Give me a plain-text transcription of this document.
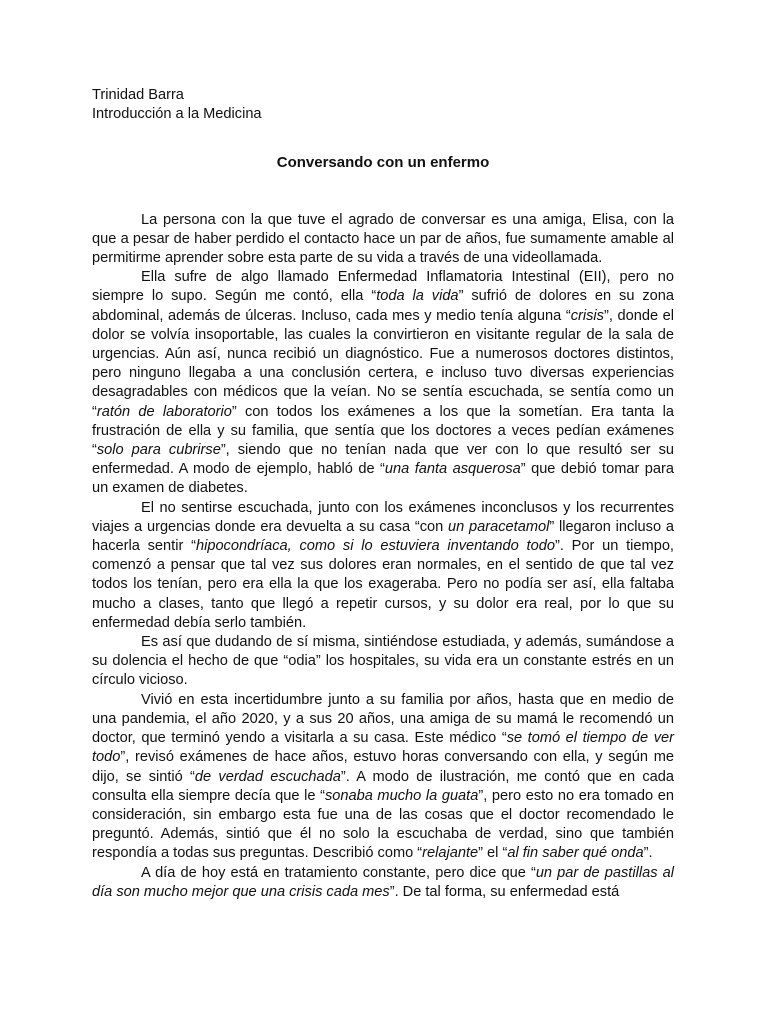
Trinidad Barra
Introducción a la Medicina
Conversando con un enfermo

La persona con la que tuve el agrado de conversar es una amiga, Elisa, con la que a pesar de haber perdido el contacto hace un par de años, fue sumamente amable al permitirme aprender sobre esta parte de su vida a través de una videollamada.

Ella sufre de algo llamado Enfermedad Inflamatoria Intestinal (EII), pero no siempre lo supo. Según me contó, ella “toda la vida” sufrió de dolores en su zona abdominal, además de úlceras. Incluso, cada mes y medio tenía alguna “crisis”, donde el dolor se volvía insoportable, las cuales la convirtieron en visitante regular de la sala de urgencias. Aún así, nunca recibió un diagnóstico. Fue a numerosos doctores distintos, pero ninguno llegaba a una conclusión certera, e incluso tuvo diversas experiencias desagradables con médicos que la veían. No se sentía escuchada, se sentía como un “ratón de laboratorio” con todos los exámenes a los que la sometían. Era tanta la frustración de ella y su familia, que sentía que los doctores a veces pedían exámenes “solo para cubrirse”, siendo que no tenían nada que ver con lo que resultó ser su enfermedad. A modo de ejemplo, habló de “una fanta asquerosa” que debió tomar para un examen de diabetes.

El no sentirse escuchada, junto con los exámenes inconclusos y los recurrentes viajes a urgencias donde era devuelta a su casa “con un paracetamol” llegaron incluso a hacerla sentir “hipocondríaca, como si lo estuviera inventando todo”. Por un tiempo, comenzó a pensar que tal vez sus dolores eran normales, en el sentido de que tal vez todos los tenían, pero era ella la que los exageraba. Pero no podía ser así, ella faltaba mucho a clases, tanto que llegó a repetir cursos, y su dolor era real, por lo que su enfermedad debía serlo también.

Es así que dudando de sí misma, sintiéndose estudiada, y además, sumándose a su dolencia el hecho de que “odia” los hospitales, su vida era un constante estrés en un círculo vicioso.

Vivió en esta incertidumbre junto a su familia por años, hasta que en medio de una pandemia, el año 2020, y a sus 20 años, una amiga de su mamá le recomendó un doctor, que terminó yendo a visitarla a su casa. Este médico “se tomó el tiempo de ver todo”, revisó exámenes de hace años, estuvo horas conversando con ella, y según me dijo, se sintió “de verdad escuchada”. A modo de ilustración, me contó que en cada consulta ella siempre decía que le “sonaba mucho la guata”, pero esto no era tomado en consideración, sin embargo esta fue una de las cosas que el doctor recomendado le preguntó. Además, sintió que él no solo la escuchaba de verdad, sino que también respondía a todas sus preguntas. Describió como “relajante” el “al fin saber qué onda”.

A día de hoy está en tratamiento constante, pero dice que “un par de pastillas al día son mucho mejor que una crisis cada mes”. De tal forma, su enfermedad está
